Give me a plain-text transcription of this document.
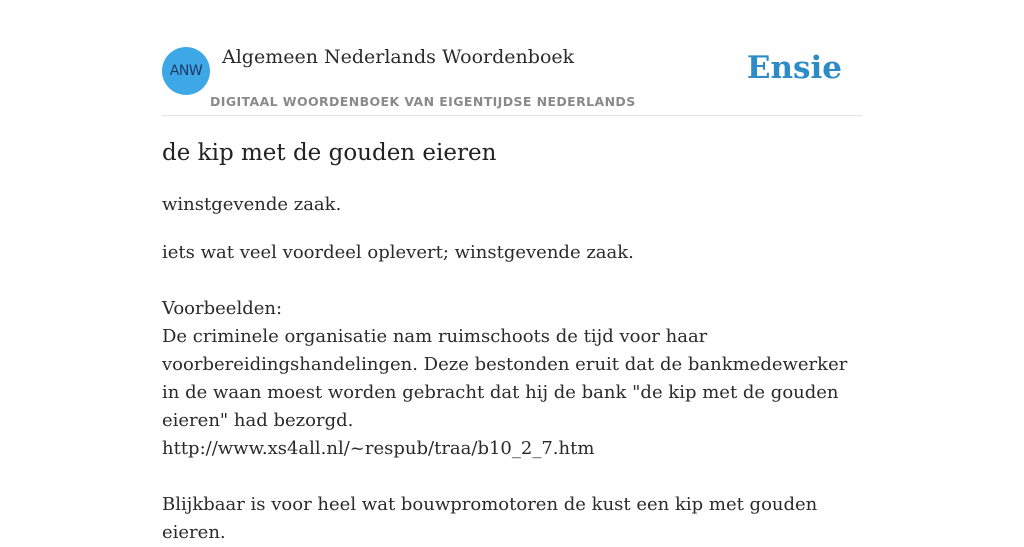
ANW
Algemeen Nederlands Woordenboek
DIGITAAL WOORDENBOEK VAN EIGENTIJDSE NEDERLANDS
Ensie
de kip met de gouden eieren
winstgevende zaak.

iets wat veel voordeel oplevert; winstgevende zaak.

Voorbeelden:

De criminele organisatie nam ruimschoots de tijd voor haar voorbereidingshandelingen. Deze bestonden eruit dat de bankmedewerker in de waan moest worden gebracht dat hij de bank "de kip met de gouden eieren" had bezorgd.

http://www.xs4all.nl/~respub/traa/b10_2_7.htm

Blijkbaar is voor heel wat bouwpromotoren de kust een kip met gouden eieren.
